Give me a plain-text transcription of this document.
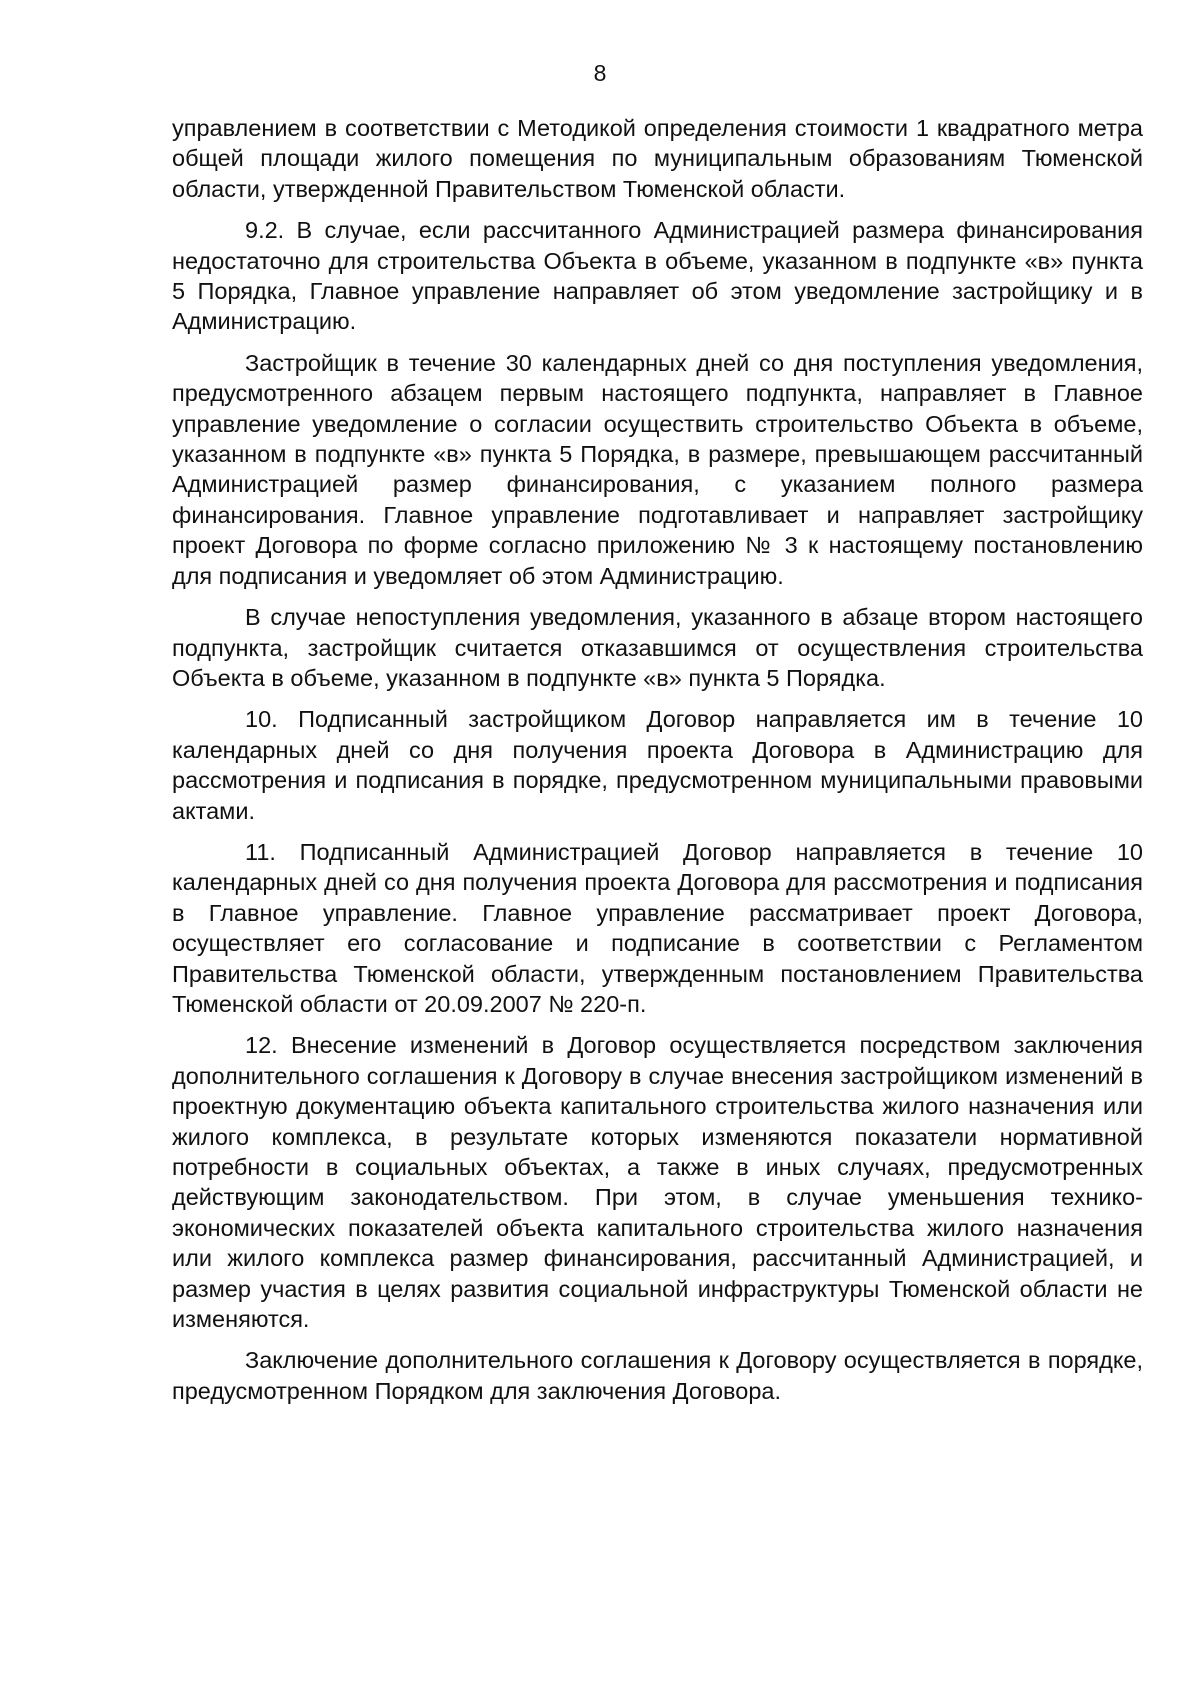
8

управлением в соответствии с Методикой определения стоимости 1 квадратного метра общей площади жилого помещения по муниципальным образованиям Тюменской области, утвержденной Правительством Тюменской области.

9.2. В случае, если рассчитанного Администрацией размера финансирования недостаточно для строительства Объекта в объеме, указанном в подпункте «в» пункта 5 Порядка, Главное управление направляет об этом уведомление застройщику и в Администрацию.

Застройщик в течение 30 календарных дней со дня поступления уведомления, предусмотренного абзацем первым настоящего подпункта, направляет в Главное управление уведомление о согласии осуществить строительство Объекта в объеме, указанном в подпункте «в» пункта 5 Порядка, в размере, превышающем рассчитанный Администрацией размер финансирования, с указанием полного размера финансирования. Главное управление подготавливает и направляет застройщику проект Договора по форме согласно приложению № 3 к настоящему постановлению для подписания и уведомляет об этом Администрацию.

В случае непоступления уведомления, указанного в абзаце втором настоящего подпункта, застройщик считается отказавшимся от осуществления строительства Объекта в объеме, указанном в подпункте «в» пункта 5 Порядка.

10. Подписанный застройщиком Договор направляется им в течение 10 календарных дней со дня получения проекта Договора в Администрацию для рассмотрения и подписания в порядке, предусмотренном муниципальными правовыми актами.

11. Подписанный Администрацией Договор направляется в течение 10 календарных дней со дня получения проекта Договора для рассмотрения и подписания в Главное управление. Главное управление рассматривает проект Договора, осуществляет его согласование и подписание в соответствии с Регламентом Правительства Тюменской области, утвержденным постановлением Правительства Тюменской области от 20.09.2007 № 220-п.

12. Внесение изменений в Договор осуществляется посредством заключения дополнительного соглашения к Договору в случае внесения застройщиком изменений в проектную документацию объекта капитального строительства жилого назначения или жилого комплекса, в результате которых изменяются показатели нормативной потребности в социальных объектах, а также в иных случаях, предусмотренных действующим законодательством. При этом, в случае уменьшения технико-экономических показателей объекта капитального строительства жилого назначения или жилого комплекса размер финансирования, рассчитанный Администрацией, и размер участия в целях развития социальной инфраструктуры Тюменской области не изменяются.

Заключение дополнительного соглашения к Договору осуществляется в порядке, предусмотренном Порядком для заключения Договора.
